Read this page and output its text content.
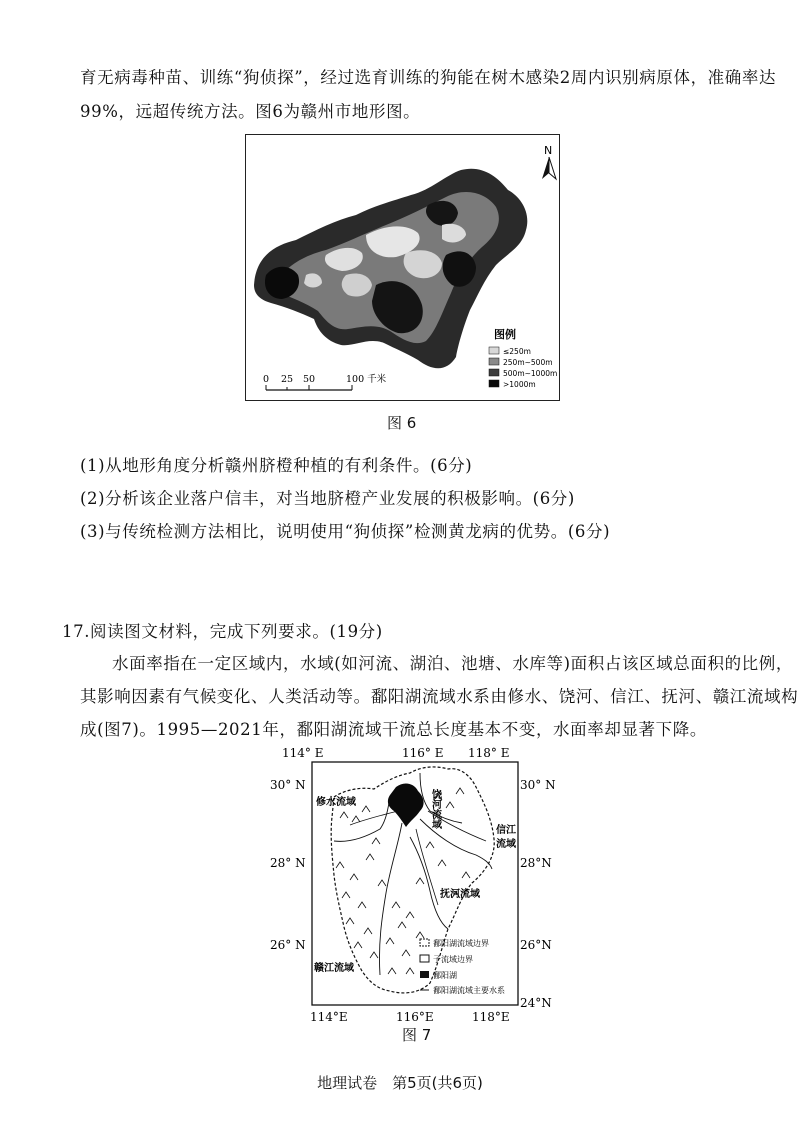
育无病毒种苗、训练“狗侦探”，经过选育训练的狗能在树木感染2周内识别病原体，准确率达
99%，远超传统方法。图6为赣州市地形图。
N
图例
≤250m
250m~500m
500m~1000m
>1000m
0 25 50	100 千米
图 6
(1)从地形角度分析赣州脐橙种植的有利条件。(6分)
(2)分析该企业落户信丰，对当地脐橙产业发展的积极影响。(6分)
(3)与传统检测方法相比，说明使用“狗侦探”检测黄龙病的优势。(6分)
17.阅读图文材料，完成下列要求。(19分)
水面率指在一定区域内，水域(如河流、湖泊、池塘、水库等)面积占该区域总面积的比例，
其影响因素有气候变化、人类活动等。鄱阳湖流域水系由修水、饶河、信江、抚河、赣江流域构
成(图7)。1995—2021年，鄱阳湖流域干流总长度基本不变，水面率却显著下降。
114° E	116° E 118° E
30° N
28° N
26° N
30° N
28°N
26°N
24°N
114°E	116°E	118°E
修水流域	饶河流域
信江
流域
抚河流域
赣江流域
鄱阳湖流域边界
子流域边界
鄱阳湖
鄱阳湖流域主要水系
图 7
地理试卷　第5页(共6页)
